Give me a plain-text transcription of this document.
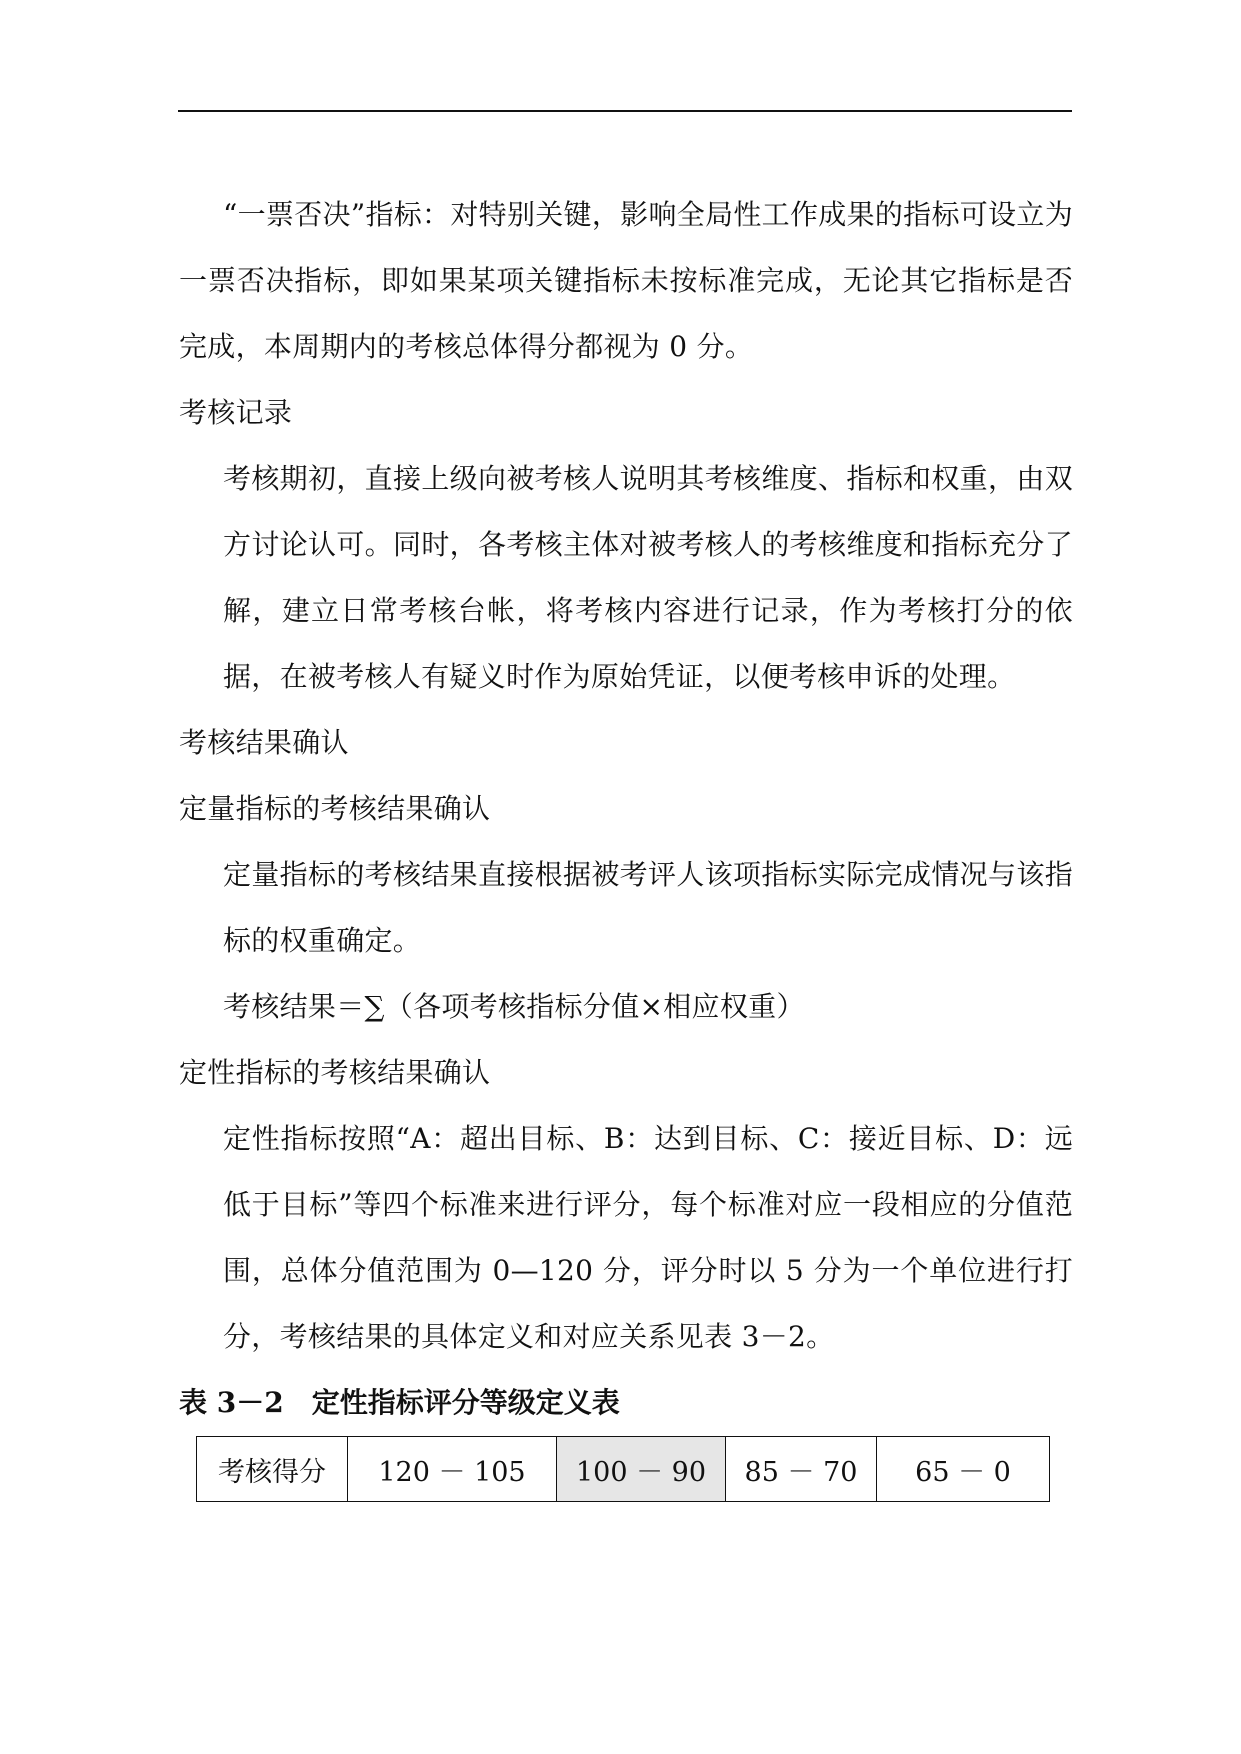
“一票否决”指标：对特别关键，影响全局性工作成果的指标可设立为一票否决指标，即如果某项关键指标未按标准完成，无论其它指标是否完成，本周期内的考核总体得分都视为 0 分。

考核记录

考核期初，直接上级向被考核人说明其考核维度、指标和权重，由双方讨论认可。同时，各考核主体对被考核人的考核维度和指标充分了解，建立日常考核台帐，将考核内容进行记录，作为考核打分的依据，在被考核人有疑义时作为原始凭证，以便考核申诉的处理。

考核结果确认

定量指标的考核结果确认

定量指标的考核结果直接根据被考评人该项指标实际完成情况与该指标的权重确定。

考核结果＝∑（各项考核指标分值×相应权重）

定性指标的考核结果确认

定性指标按照“A：超出目标、B：达到目标、C：接近目标、D：远低于目标”等四个标准来进行评分，每个标准对应一段相应的分值范围，总体分值范围为 0—120 分，评分时以 5 分为一个单位进行打分，考核结果的具体定义和对应关系见表 3－2。

表 3－2　定性指标评分等级定义表

考核得分	120 － 105	100 － 90	85 － 70	65 － 0
